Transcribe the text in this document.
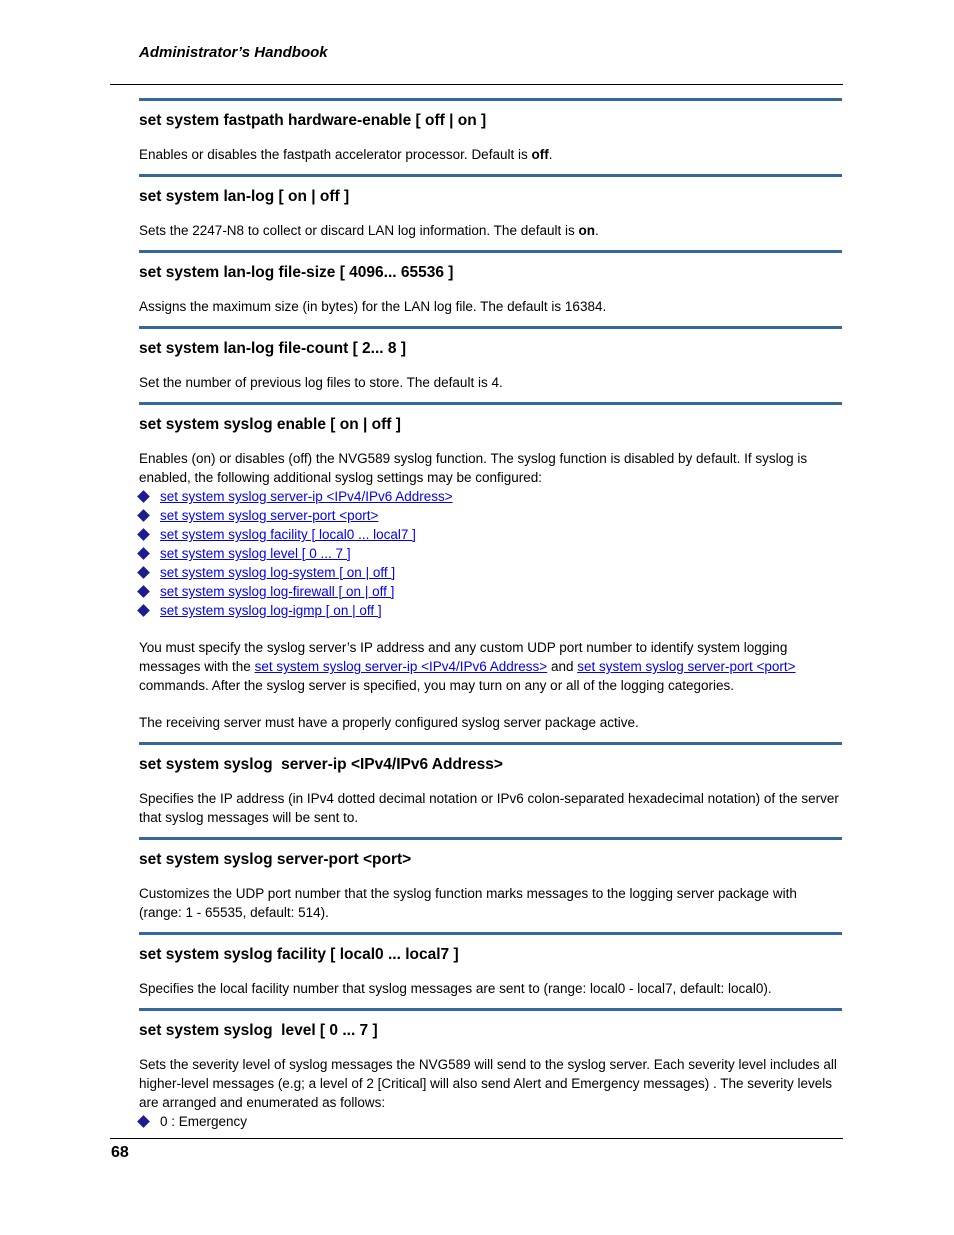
Administrator’s Handbook
set system fastpath hardware-enable [ off | on ]

Enables or disables the fastpath accelerator processor. Default is off.

set system lan-log [ on | off ]

Sets the 2247-N8 to collect or discard LAN log information. The default is on.

set system lan-log file-size [ 4096... 65536 ]

Assigns the maximum size (in bytes) for the LAN log file. The default is 16384.

set system lan-log file-count [ 2... 8 ]

Set the number of previous log files to store. The default is 4.

set system syslog enable [ on | off ]

Enables (on) or disables (off) the NVG589 syslog function. The syslog function is disabled by default. If syslog is enabled, the following additional syslog settings may be configured:

set system syslog server-ip <IPv4/IPv6 Address>
set system syslog server-port <port>
set system syslog facility [ local0 ... local7 ]
set system syslog level [ 0 ... 7 ]
set system syslog log-system [ on | off ]
set system syslog log-firewall [ on | off ]
set system syslog log-igmp [ on | off ]

You must specify the syslog server’s IP address and any custom UDP port number to identify system logging messages with the set system syslog server-ip <IPv4/IPv6 Address> and set system syslog server-port <port> commands. After the syslog server is specified, you may turn on any or all of the logging categories.

The receiving server must have a properly configured syslog server package active.

set system syslog  server-ip <IPv4/IPv6 Address>

Specifies the IP address (in IPv4 dotted decimal notation or IPv6 colon-separated hexadecimal notation) of the server that syslog messages will be sent to.

set system syslog server-port <port>

Customizes the UDP port number that the syslog function marks messages to the logging server package with (range: 1 - 65535, default: 514).

set system syslog facility [ local0 ... local7 ]

Specifies the local facility number that syslog messages are sent to (range: local0 - local7, default: local0).

set system syslog  level [ 0 ... 7 ]

Sets the severity level of syslog messages the NVG589 will send to the syslog server. Each severity level includes all higher-level messages (e.g; a level of 2 [Critical] will also send Alert and Emergency messages) . The severity levels are arranged and enumerated as follows:

0 : Emergency
68
